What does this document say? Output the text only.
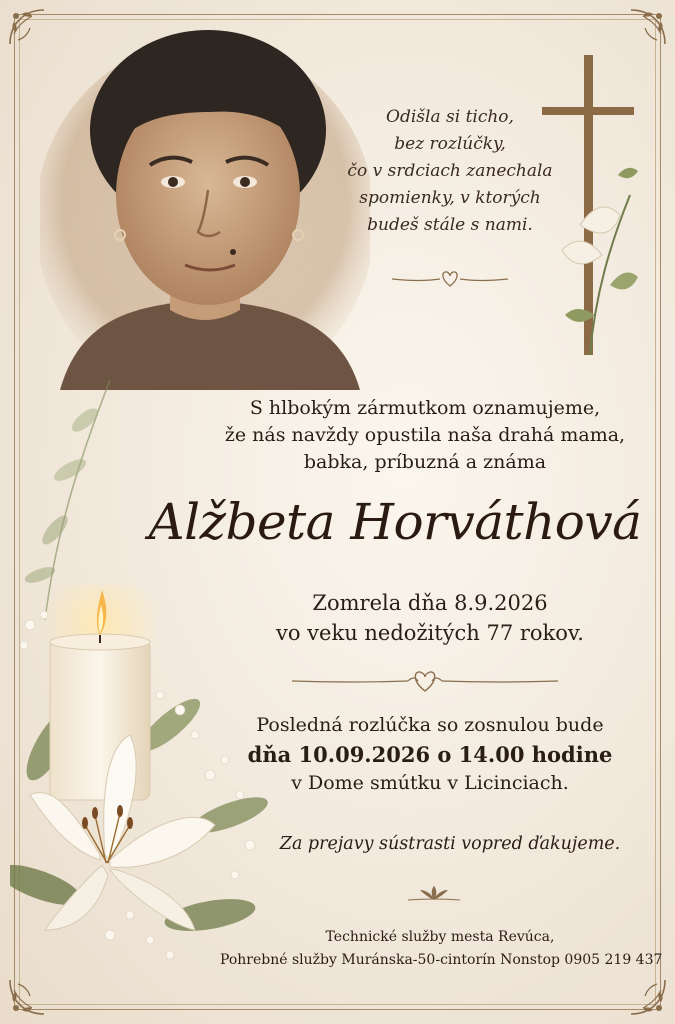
Odišla si ticho,
bez rozlúčky,
čo v srdciach zanechala
spomienky, v ktorých
budeš stále s nami.
S hlbokým zármutkom oznamujeme,
že nás navždy opustila naša drahá mama,
babka, príbuzná a známa
Alžbeta Horváthová
Zomrela dňa 8.9.2026
vo veku nedožitých 77 rokov.
Posledná rozlúčka so zosnulou bude
dňa 10.09.2026 o 14.00 hodine
v Dome smútku v Licinciach.
Za prejavy sústrasti vopred ďakujeme.
Technické služby mesta Revúca,
Pohrebné služby Muránska-50-cintorín Nonstop 0905 219 437
